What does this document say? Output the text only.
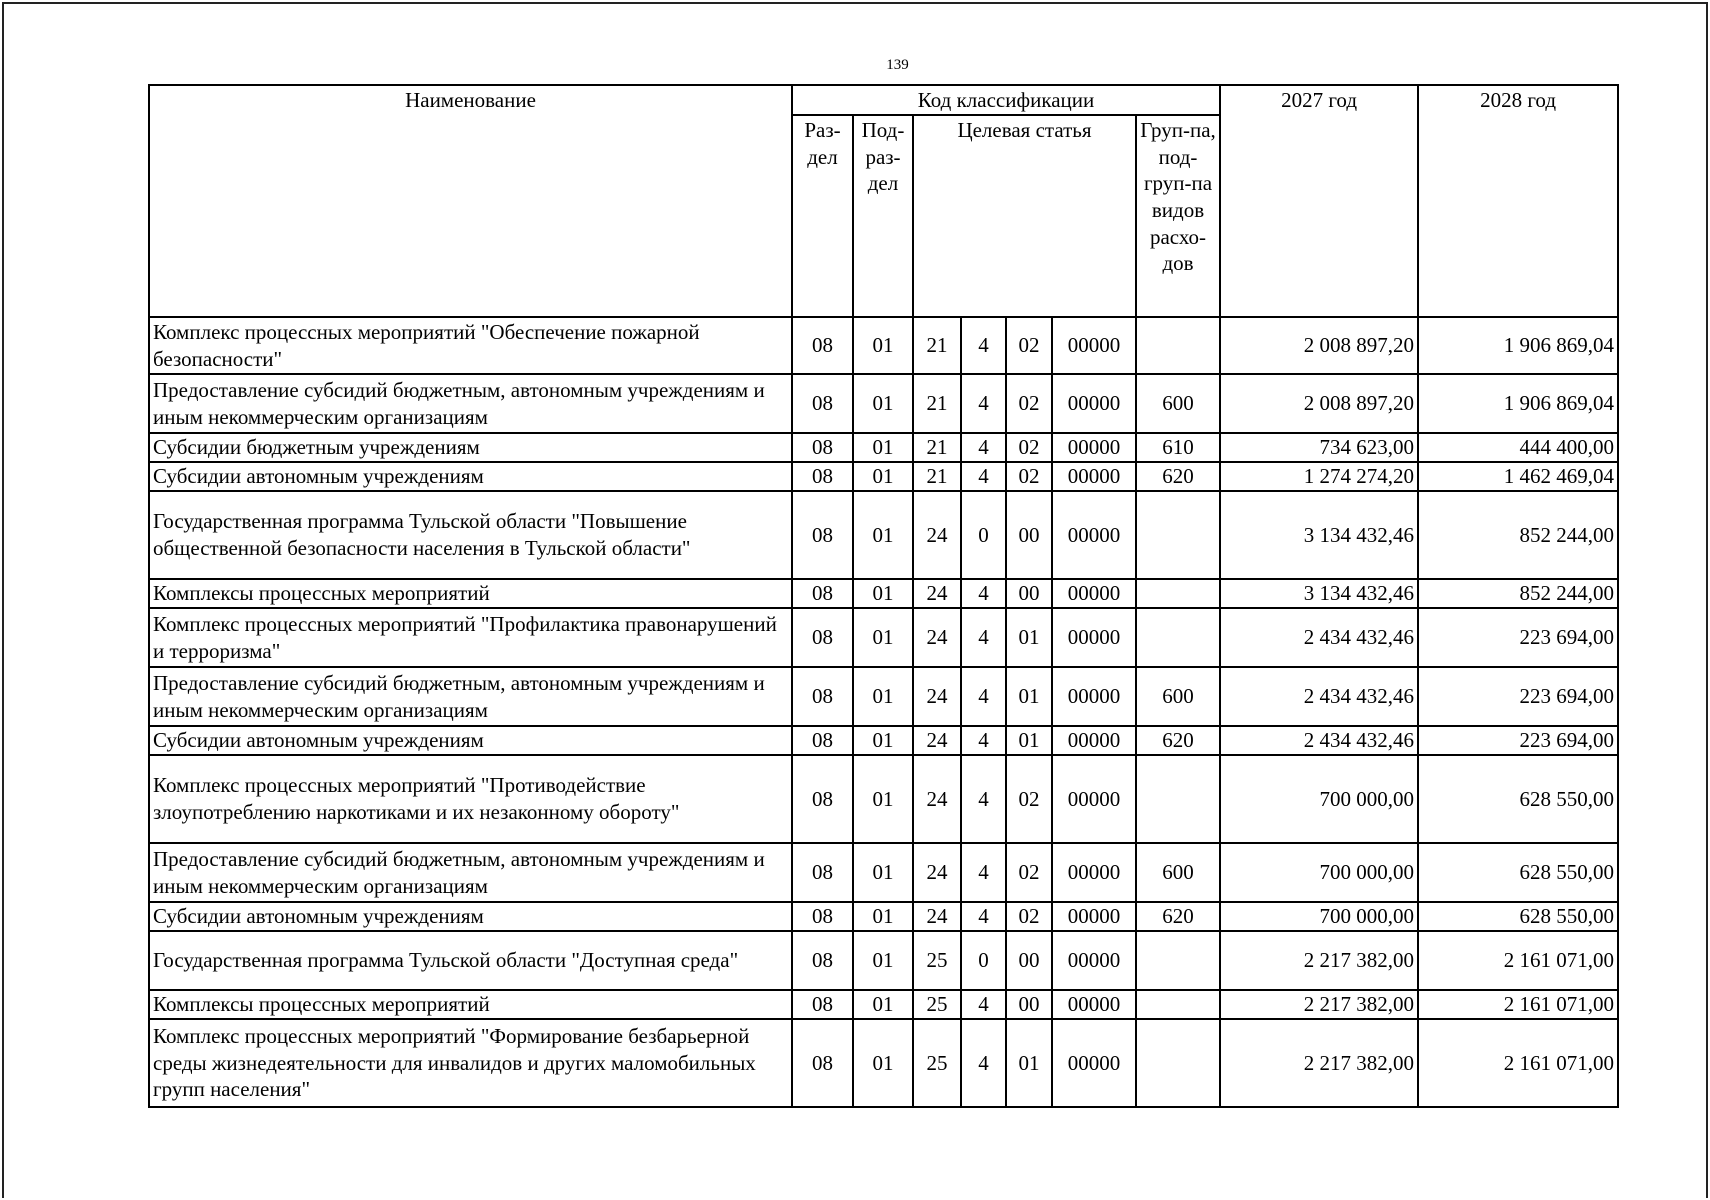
139
Наименование	Код классификации							2027 год	2028 год

	Раз-дел	Под-раз-дел	Целевая статья				Груп-па, под-груп-па видов расхо-дов		

Комплекс процессных мероприятий "Обеспечение пожарной безопасности"	08	01	21	4	02	00000		2 008 897,20	1 906 869,04
Предоставление субсидий бюджетным, автономным учреждениям и иным некоммерческим организациям	08	01	21	4	02	00000	600	2 008 897,20	1 906 869,04
Субсидии бюджетным учреждениям	08	01	21	4	02	00000	610	734 623,00	444 400,00
Субсидии автономным учреждениям	08	01	21	4	02	00000	620	1 274 274,20	1 462 469,04
Государственная программа Тульской области "Повышение общественной безопасности населения в Тульской области"	08	01	24	0	00	00000		3 134 432,46	852 244,00
Комплексы процессных мероприятий	08	01	24	4	00	00000		3 134 432,46	852 244,00
Комплекс процессных мероприятий "Профилактика правонарушений и терроризма"	08	01	24	4	01	00000		2 434 432,46	223 694,00
Предоставление субсидий бюджетным, автономным учреждениям и иным некоммерческим организациям	08	01	24	4	01	00000	600	2 434 432,46	223 694,00
Субсидии автономным учреждениям	08	01	24	4	01	00000	620	2 434 432,46	223 694,00
Комплекс процессных мероприятий "Противодействие злоупотреблению наркотиками и их незаконному обороту"	08	01	24	4	02	00000		700 000,00	628 550,00
Предоставление субсидий бюджетным, автономным учреждениям и иным некоммерческим организациям	08	01	24	4	02	00000	600	700 000,00	628 550,00
Субсидии автономным учреждениям	08	01	24	4	02	00000	620	700 000,00	628 550,00
Государственная программа Тульской области "Доступная среда"	08	01	25	0	00	00000		2 217 382,00	2 161 071,00
Комплексы процессных мероприятий	08	01	25	4	00	00000		2 217 382,00	2 161 071,00
Комплекс процессных мероприятий "Формирование безбарьерной среды жизнедеятельности для инвалидов и других маломобильных групп населения"	08	01	25	4	01	00000		2 217 382,00	2 161 071,00
